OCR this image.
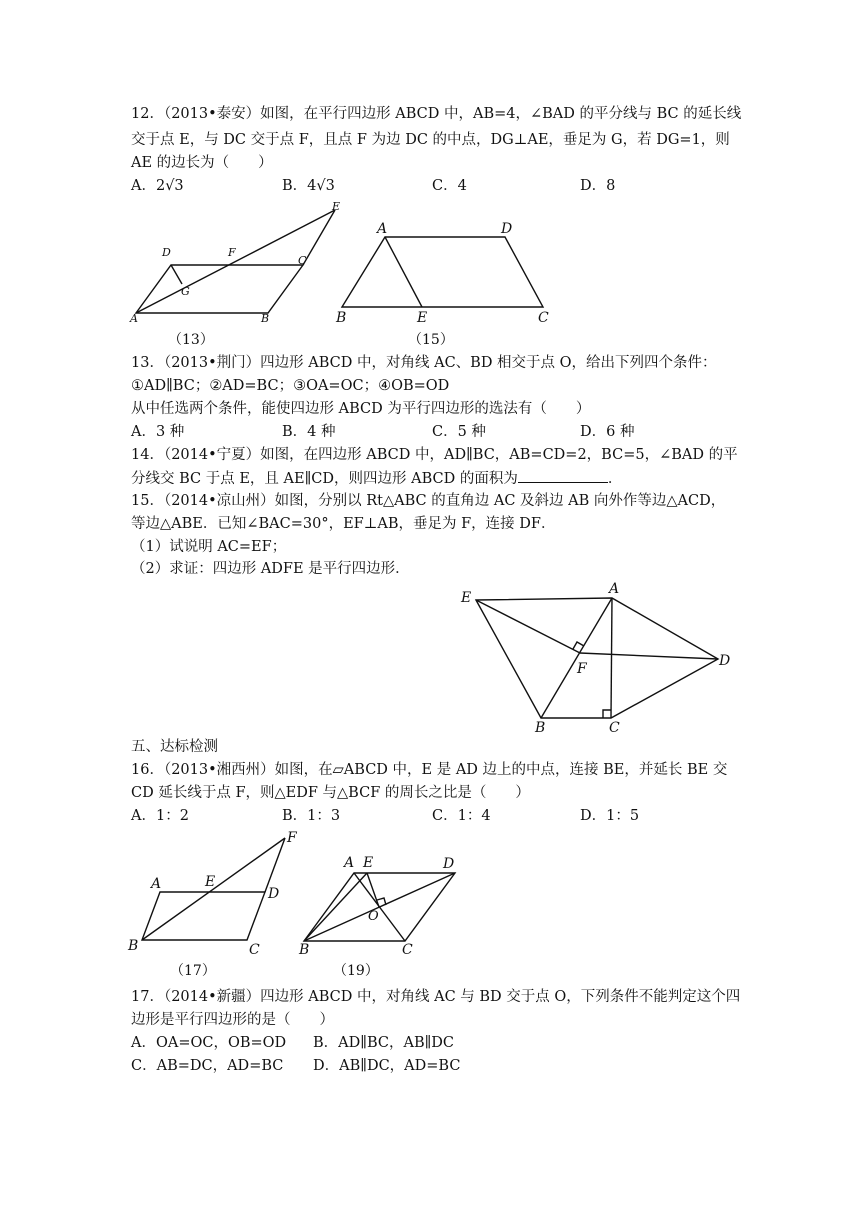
12．（2013•泰安）如图，在平行四边形 ABCD 中，AB=4，∠BAD 的平分线与 BC 的延长线
交于点 E，与 DC 交于点 F，且点 F 为边 DC 的中点，DG⊥AE，垂足为 G，若 DG=1，则
AE 的边长为（　　）
A．2√3	B．4√3	C．4	D．8
D	F
C
E
G
A	B
（13）
A	D
B	E	C
（15）
13．（2013•荆门）四边形 ABCD 中，对角线 AC、BD 相交于点 O，给出下列四个条件：
①AD∥BC；②AD=BC；③OA=OC；④OB=OD
从中任选两个条件，能使四边形 ABCD 为平行四边形的选法有（　　）
A．3 种	B．4 种	C．5 种	D．6 种
14．（2014•宁夏）如图，在四边形 ABCD 中，AD∥BC，AB=CD=2，BC=5，∠BAD 的平
分线交 BC 于点 E，且 AE∥CD，则四边形 ABCD 的面积为	．
15．（2014•凉山州）如图，分别以 Rt△ABC 的直角边 AC 及斜边 AB 向外作等边△ACD，
等边△ABE．已知∠BAC=30°，EF⊥AB，垂足为 F，连接 DF．
（1）试说明 AC=EF；
（2）求证：四边形 ADFE 是平行四边形．
E
A
D
F
B	C
五、达标检测
16．（2013•湘西州）如图，在▱ABCD 中，E 是 AD 边上的中点，连接 BE，并延长 BE 交
CD 延长线于点 F，则△EDF 与△BCF 的周长之比是（　　）
A．1：2	B．1：3	C．1：4	D．1：5
F
A	E
D
B	C
（17）
A E	D
O
B	C
（19）
17．（2014•新疆）四边形 ABCD 中，对角线 AC 与 BD 交于点 O，下列条件不能判定这个四
边形是平行四边形的是（　　）
A．OA=OC，OB=OD B．AD∥BC，AB∥DC
C．AB=DC，AD=BC D．AB∥DC，AD=BC
